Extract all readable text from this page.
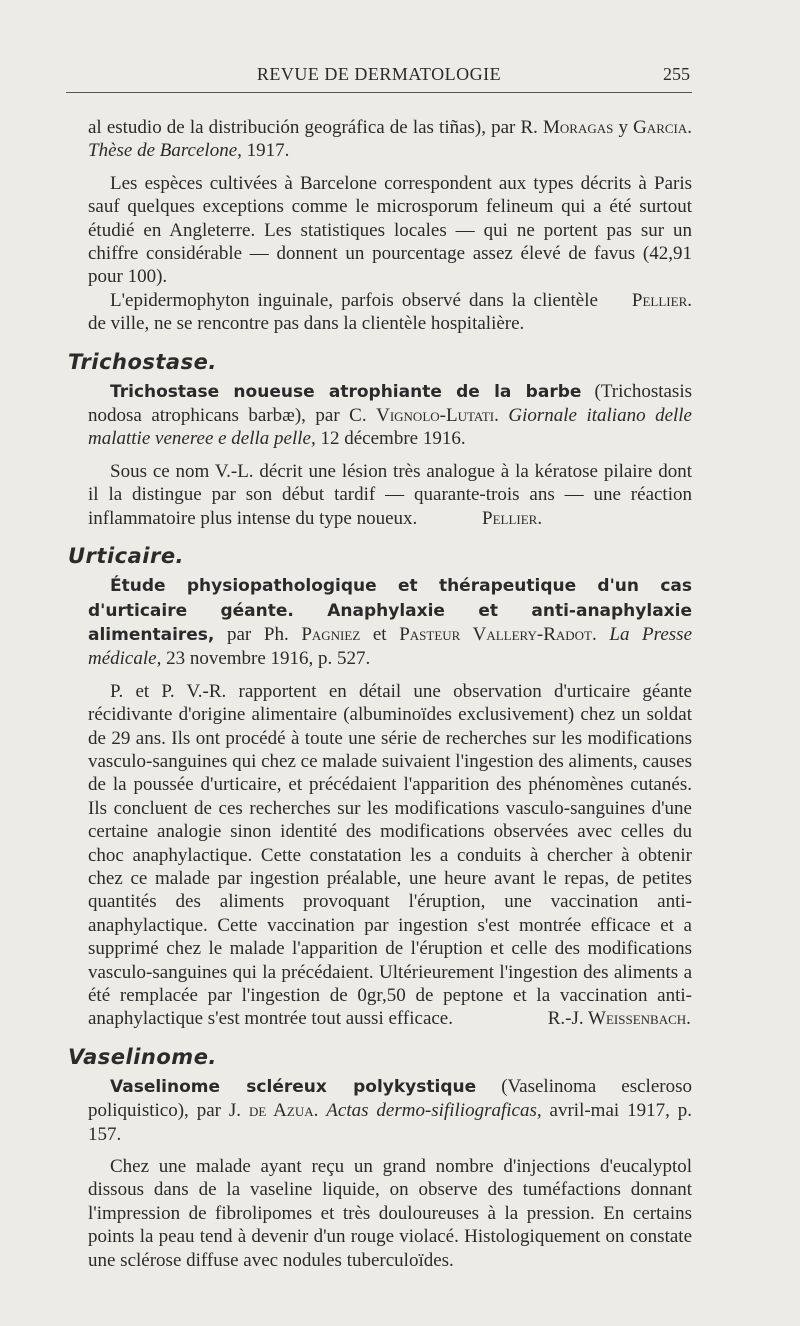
REVUE DE DERMATOLOGIE	255

al estudio de la distribución geográfica de las tiñas), par R. Moragas y Garcia. Thèse de Barcelone, 1917.

Les espèces cultivées à Barcelone correspondent aux types décrits à Paris sauf quelques exceptions comme le microsporum felineum qui a été surtout étudié en Angleterre. Les statistiques locales — qui ne portent pas sur un chiffre considérable — donnent un pourcentage assez élevé de favus (42,91 pour 100).

Pellier.
L'epidermophyton inguinale, parfois observé dans la clientèle de ville, ne se rencontre pas dans la clientèle hospitalière.

Trichostase.

Trichostase noueuse atrophiante de la barbe (Trichostasis nodosa atrophicans barbæ), par C. Vignolo-Lutati. Giornale italiano delle malattie veneree e della pelle, 12 décembre 1916.

Sous ce nom V.-L. décrit une lésion très analogue à la kératose pilaire dont il la distingue par son début tardif — quarante-trois ans — une réaction inflammatoire plus intense du type noueux.	Pellier.

Urticaire.

Étude physiopathologique et thérapeutique d'un cas d'urticaire géante. Anaphylaxie et anti-anaphylaxie alimentaires, par Ph. Pagniez et Pasteur Vallery-Radot. La Presse médicale, 23 novembre 1916, p. 527.

P. et P. V.-R. rapportent en détail une observation d'urticaire géante récidivante d'origine alimentaire (albuminoïdes exclusivement) chez un soldat de 29 ans. Ils ont procédé à toute une série de recherches sur les modifications vasculo-sanguines qui chez ce malade suivaient l'ingestion des aliments, causes de la poussée d'urticaire, et précédaient l'apparition des phénomènes cutanés. Ils concluent de ces recherches sur les modifications vasculo-sanguines d'une certaine analogie sinon identité des modifications observées avec celles du choc anaphylactique. Cette constatation les a conduits à chercher à obtenir chez ce malade par ingestion préalable, une heure avant le repas, de petites quantités des aliments provoquant l'éruption, une vaccination anti-anaphylactique. Cette vaccination par ingestion s'est montrée efficace et a supprimé chez le malade l'apparition de l'éruption et celle des modifications vasculo-sanguines qui la précédaient. Ultérieurement l'ingestion des aliments a été remplacée par l'ingestion de 0gr,50 de peptone et la vaccination anti-anaphylactique s'est montrée tout aussi efficace.	R.-J. Weissenbach.

Vaselinome.

Vaselinome scléreux polykystique (Vaselinoma escleroso poliquistico), par J. de Azua. Actas dermo-sifiliograficas, avril-mai 1917, p. 157.

Chez une malade ayant reçu un grand nombre d'injections d'eucalyptol dissous dans de la vaseline liquide, on observe des tuméfactions donnant l'impression de fibrolipomes et très douloureuses à la pression. En certains points la peau tend à devenir d'un rouge violacé. Histologiquement on constate une sclérose diffuse avec nodules tuberculoïdes.
